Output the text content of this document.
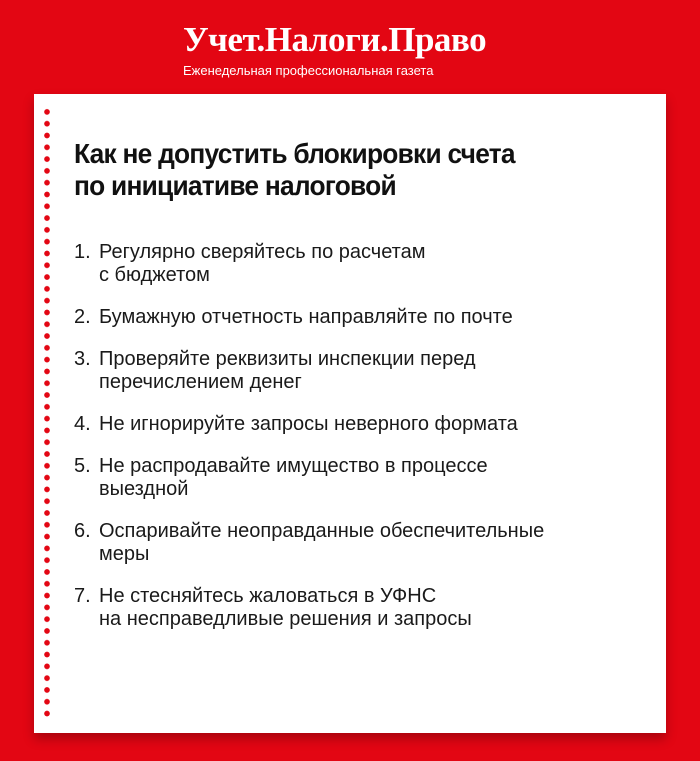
Учет.Налоги.Право
Еженедельная профессиональная газета
Как не допустить блокировки счета
по инициативе налоговой
1. Регулярно сверяйтесь по расчетам
с бюджетом
2. Бумажную отчетность направляйте по почте
3. Проверяйте реквизиты инспекции перед
перечислением денег
4. Не игнорируйте запросы неверного формата
5. Не распродавайте имущество в процессе
выездной
6. Оспаривайте неоправданные обеспечительные
меры
7. Не стесняйтесь жаловаться в УФНС
на несправедливые решения и запросы
